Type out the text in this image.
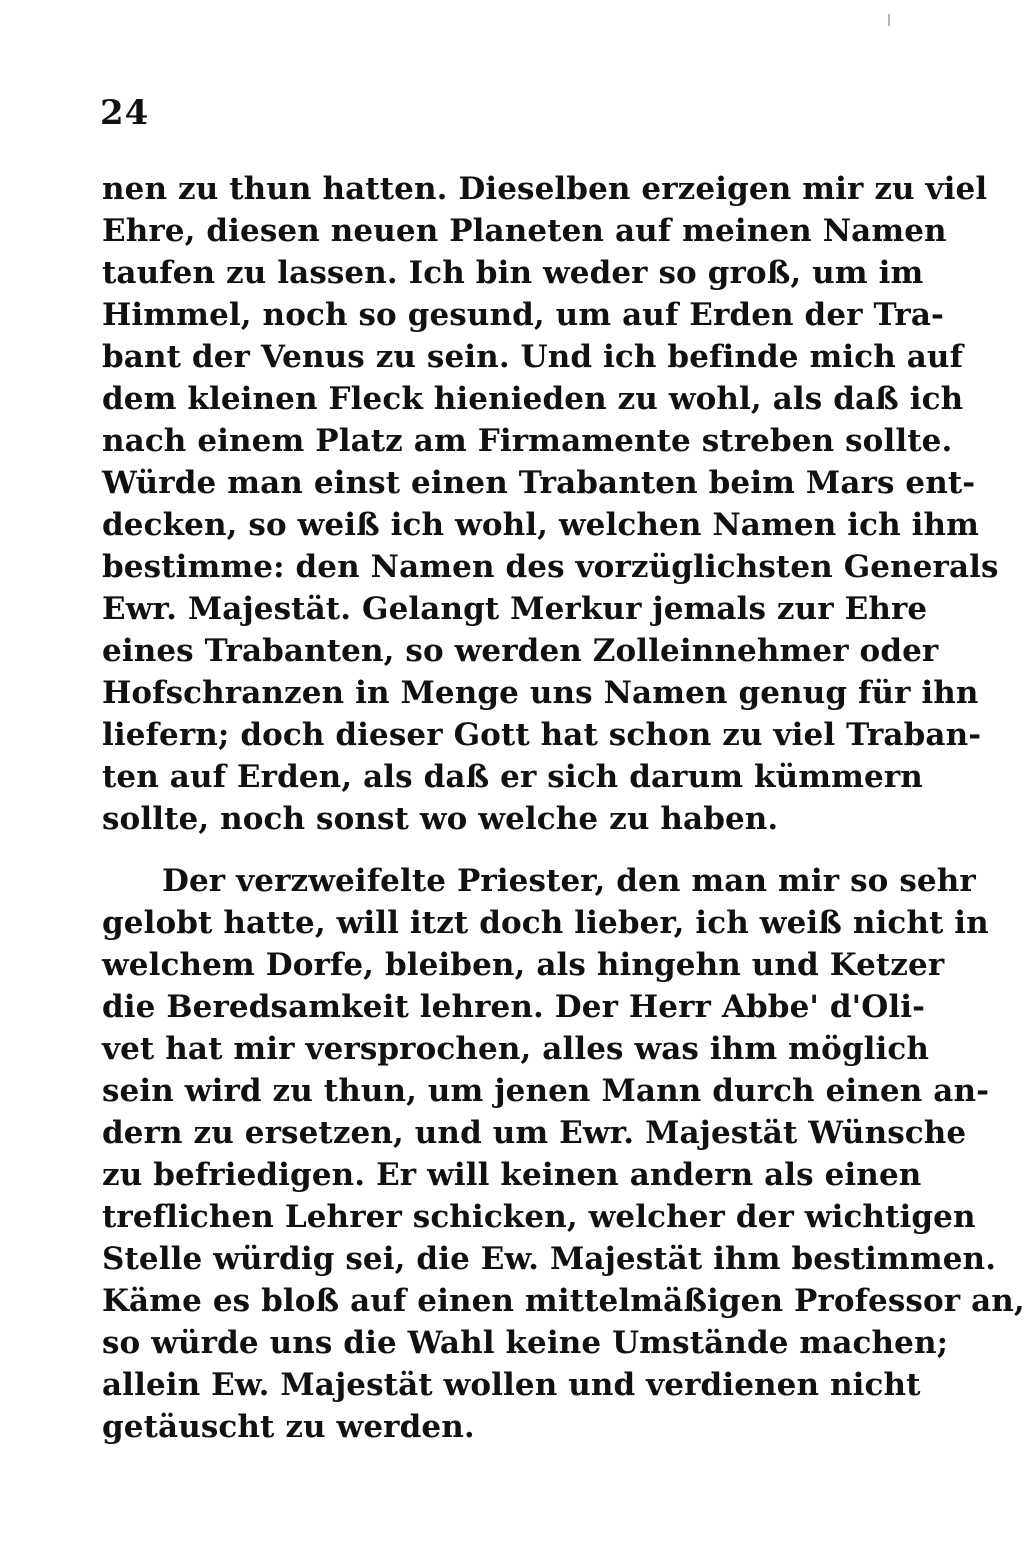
24
nen zu thun hatten. Dieselben erzeigen mir zu viel
Ehre, diesen neuen Planeten auf meinen Namen
taufen zu lassen. Ich bin weder so groß, um im
Himmel, noch so gesund, um auf Erden der Tra-
bant der Venus zu sein. Und ich befinde mich auf
dem kleinen Fleck hienieden zu wohl, als daß ich
nach einem Platz am Firmamente streben sollte.
Würde man einst einen Trabanten beim Mars ent-
decken, so weiß ich wohl, welchen Namen ich ihm
bestimme: den Namen des vorzüglichsten Generals
Ewr. Majestät. Gelangt Merkur jemals zur Ehre
eines Trabanten, so werden Zolleinnehmer oder
Hofschranzen in Menge uns Namen genug für ihn
liefern; doch dieser Gott hat schon zu viel Traban-
ten auf Erden, als daß er sich darum kümmern
sollte, noch sonst wo welche zu haben.
Der verzweifelte Priester, den man mir so sehr
gelobt hatte, will itzt doch lieber, ich weiß nicht in
welchem Dorfe, bleiben, als hingehn und Ketzer
die Beredsamkeit lehren. Der Herr Abbe' d'Oli-
vet hat mir versprochen, alles was ihm möglich
sein wird zu thun, um jenen Mann durch einen an-
dern zu ersetzen, und um Ewr. Majestät Wünsche
zu befriedigen. Er will keinen andern als einen
treflichen Lehrer schicken, welcher der wichtigen
Stelle würdig sei, die Ew. Majestät ihm bestimmen.
Käme es bloß auf einen mittelmäßigen Professor an,
so würde uns die Wahl keine Umstände machen;
allein Ew. Majestät wollen und verdienen nicht
getäuscht zu werden.
